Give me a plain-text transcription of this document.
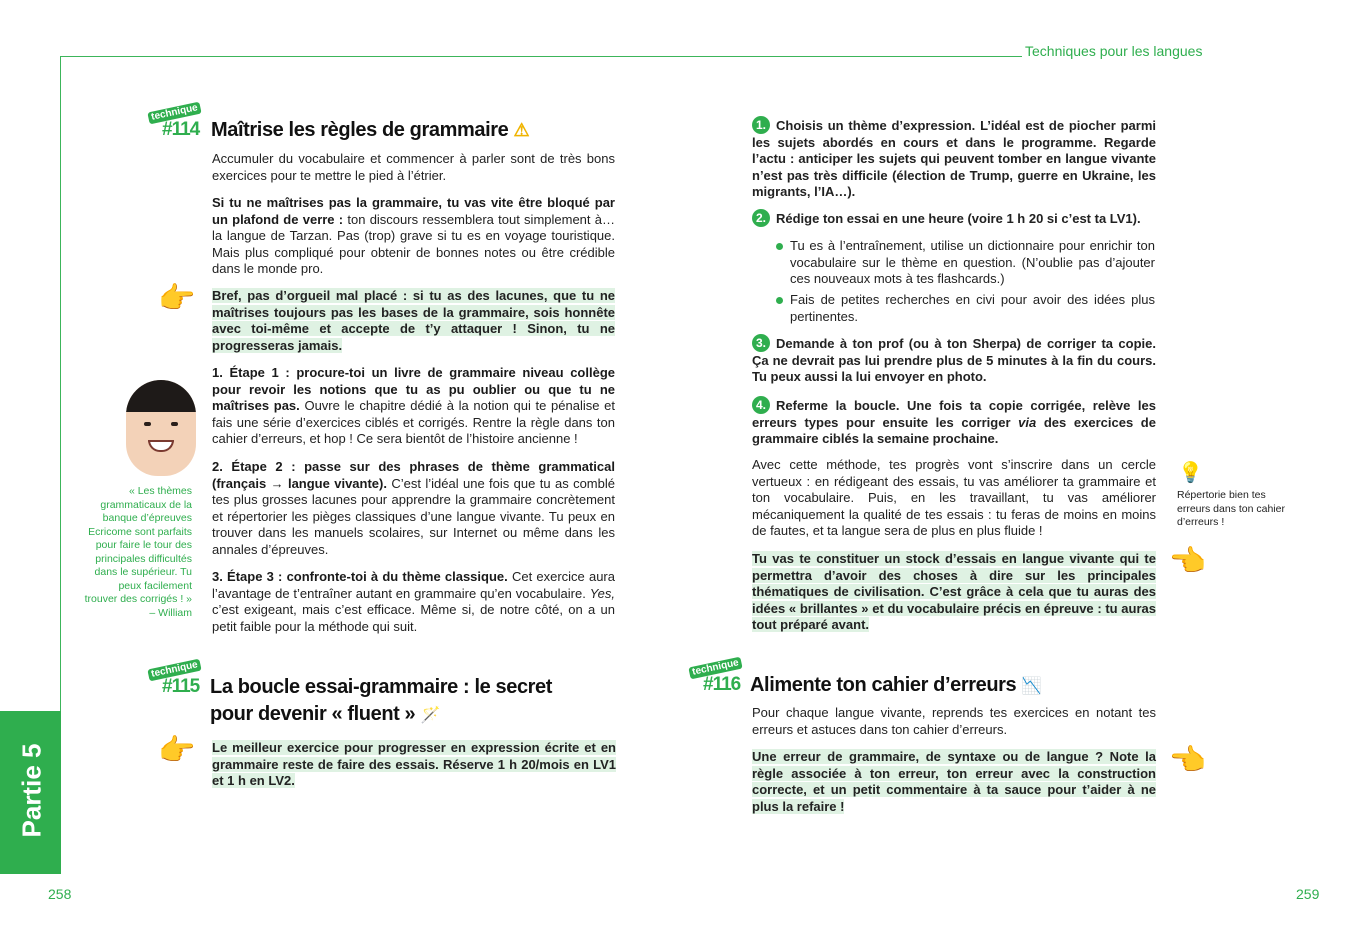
Techniques pour les langues
Partie 5
258	259
technique
#114 Maîtrise les règles de grammaire ⚠
Accumuler du vocabulaire et commencer à parler sont de très bons exercices pour te mettre le pied à l’étrier.
Si tu ne maîtrises pas la grammaire, tu vas vite être bloqué par un plafond de verre : ton discours ressemblera tout simplement à… la langue de Tarzan. Pas (trop) grave si tu es en voyage touristique. Mais plus compliqué pour obtenir de bonnes notes ou être crédible dans le monde pro.
👉 Bref, pas d’orgueil mal placé : si tu as des lacunes, que tu ne maîtrises toujours pas les bases de la grammaire, sois honnête avec toi-même et accepte de t’y attaquer ! Sinon, tu ne progresseras jamais.
1. Étape 1 : procure-toi un livre de grammaire niveau collège pour revoir les notions que tu as pu oublier ou que tu ne maîtrises pas. Ouvre le chapitre dédié à la notion qui te pénalise et fais une série d’exercices ciblés et corrigés. Rentre la règle dans ton cahier d’erreurs, et hop ! Ce sera bientôt de l’histoire ancienne !
2. Étape 2 : passe sur des phrases de thème grammatical (français → langue vivante). C’est l’idéal une fois que tu as comblé tes plus grosses lacunes pour apprendre la grammaire concrètement et répertorier les pièges classiques d’une langue vivante. Tu peux en trouver dans les manuels scolaires, sur Internet ou même dans les annales d’épreuves.
3. Étape 3 : confronte-toi à du thème classique. Cet exercice aura l’avantage de t’entraîner autant en grammaire qu’en vocabulaire. Yes, c’est exigeant, mais c’est efficace. Même si, de notre côté, on a un petit faible pour la méthode qui suit.
« Les thèmes grammaticaux de la banque d’épreuves Ecricome sont parfaits pour faire le tour des principales difficultés dans le supérieur. Tu peux facilement trouver des corrigés ! » – William
technique
#115 La boucle essai-grammaire : le secret
pour devenir « fluent » 🪄
👉 Le meilleur exercice pour progresser en expression écrite et en grammaire reste de faire des essais. Réserve 1 h 20/mois en LV1 et 1 h en LV2.
1. Choisis un thème d’expression. L’idéal est de piocher parmi les sujets abordés en cours et dans le programme. Regarde l’actu : anticiper les sujets qui peuvent tomber en langue vivante n’est pas très difficile (élection de Trump, guerre en Ukraine, les migrants, l’IA…).
2. Rédige ton essai en une heure (voire 1 h 20 si c’est ta LV1).
Tu es à l’entraînement, utilise un dictionnaire pour enrichir ton vocabulaire sur le thème en question. (N’oublie pas d’ajouter ces nouveaux mots à tes flashcards.)
Fais de petites recherches en civi pour avoir des idées plus pertinentes.
3. Demande à ton prof (ou à ton Sherpa) de corriger ta copie. Ça ne devrait pas lui prendre plus de 5 minutes à la fin du cours. Tu peux aussi la lui envoyer en photo.
4. Referme la boucle. Une fois ta copie corrigée, relève les erreurs types pour ensuite les corriger via des exercices de grammaire ciblés la semaine prochaine.
Avec cette méthode, tes progrès vont s’inscrire dans un cercle vertueux : en rédigeant des essais, tu vas améliorer ta grammaire et ton vocabulaire. Puis, en les travaillant, tu vas améliorer mécaniquement la qualité de tes essais : tu feras de moins en moins de fautes, et ta langue sera de plus en plus fluide !
💡
Répertorie bien tes erreurs dans ton cahier d’erreurs !
Tu vas te constituer un stock d’essais en langue vivante qui te permettra d’avoir des choses à dire sur les principales thématiques de civilisation. C’est grâce à cela que tu auras des idées « brillantes » et du vocabulaire précis en épreuve : tu auras tout préparé avant.
👉
technique
#116 Alimente ton cahier d’erreurs 📉
Pour chaque langue vivante, reprends tes exercices en notant tes erreurs et astuces dans ton cahier d’erreurs.
Une erreur de grammaire, de syntaxe ou de langue ? Note la règle associée à ton erreur, ton erreur avec la construction correcte, et un petit commentaire à ta sauce pour t’aider à ne plus la refaire !
👉
